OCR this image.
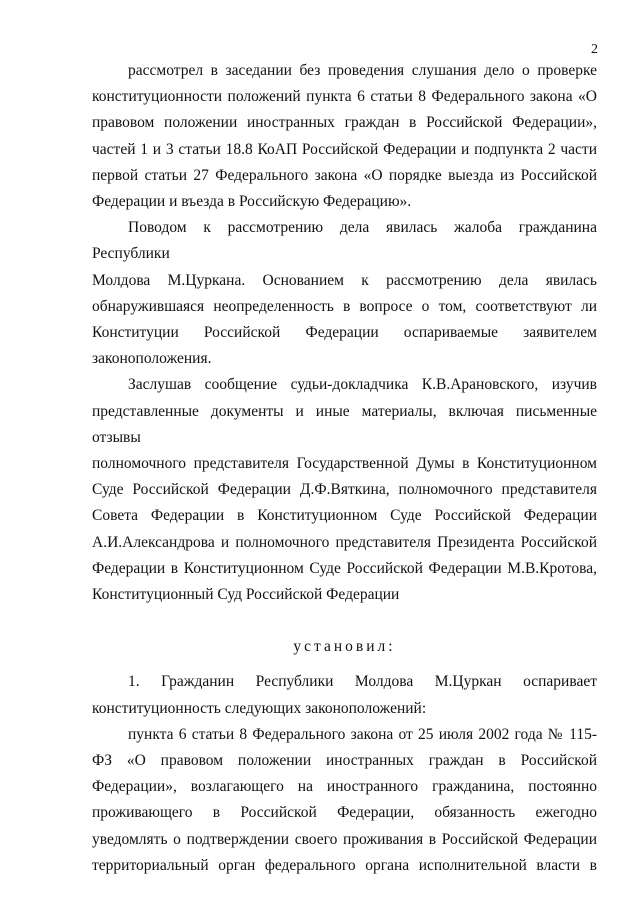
2

рассмотрел в заседании без проведения слушания дело о проверке

конституционности положений пункта 6 статьи 8 Федерального закона «О

правовом положении иностранных граждан в Российской Федерации»,

частей 1 и 3 статьи 18.8 КоАП Российской Федерации и подпункта 2 части

первой статьи 27 Федерального закона «О порядке выезда из Российской

Федерации и въезда в Российскую Федерацию».

Поводом к рассмотрению дела явилась жалоба гражданина Республики

Молдова М.Цуркана. Основанием к рассмотрению дела явилась

обнаружившаяся неопределенность в вопросе о том, соответствуют ли

Конституции Российской Федерации оспариваемые заявителем

законоположения.

Заслушав сообщение судьи-докладчика К.В.Арановского, изучив

представленные документы и иные материалы, включая письменные отзывы

полномочного представителя Государственной Думы в Конституционном

Суде Российской Федерации Д.Ф.Вяткина, полномочного представителя

Совета Федерации в Конституционном Суде Российской Федерации

А.И.Александрова и полномочного представителя Президента Российской

Федерации в Конституционном Суде Российской Федерации М.В.Кротова,

Конституционный Суд Российской Федерации

установил:

1. Гражданин Республики Молдова М.Цуркан оспаривает

конституционность следующих законоположений:

пункта 6 статьи 8 Федерального закона от 25 июля 2002 года № 115-

ФЗ «О правовом положении иностранных граждан в Российской

Федерации», возлагающего на иностранного гражданина, постоянно

проживающего в Российской Федерации, обязанность ежегодно

уведомлять о подтверждении своего проживания в Российской Федерации

территориальный орган федерального органа исполнительной власти в
